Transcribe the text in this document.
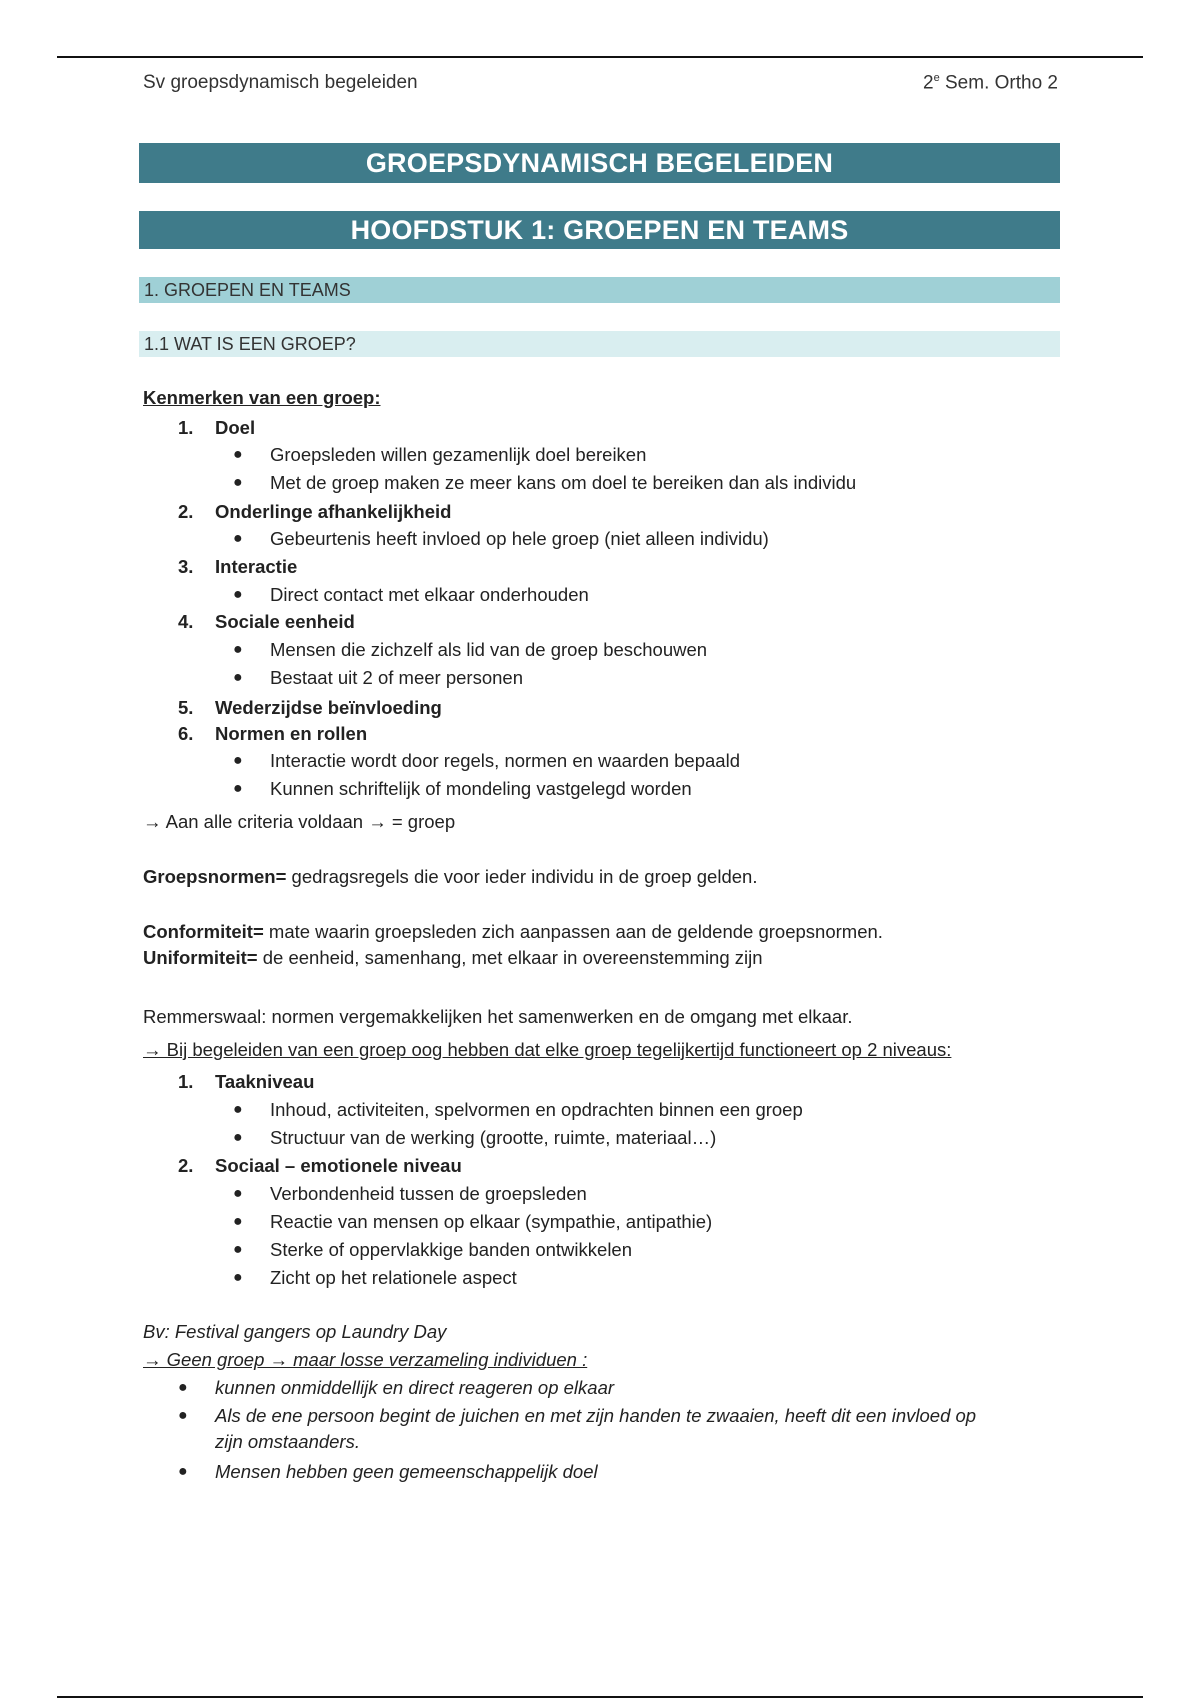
Sv groepsdynamisch begeleiden	2e Sem. Ortho 2
GROEPSDYNAMISCH BEGELEIDEN
HOOFDSTUK 1: GROEPEN EN TEAMS
1. GROEPEN EN TEAMS
1.1 WAT IS EEN GROEP?
Kenmerken van een groep:
1. Doel
● Groepsleden willen gezamenlijk doel bereiken
● Met de groep maken ze meer kans om doel te bereiken dan als individu
2. Onderlinge afhankelijkheid
● Gebeurtenis heeft invloed op hele groep (niet alleen individu)
3. Interactie
● Direct contact met elkaar onderhouden
4. Sociale eenheid
● Mensen die zichzelf als lid van de groep beschouwen
● Bestaat uit 2 of meer personen
5. Wederzijdse beïnvloeding
6. Normen en rollen
● Interactie wordt door regels, normen en waarden bepaald
● Kunnen schriftelijk of mondeling vastgelegd worden
→ Aan alle criteria voldaan → = groep
Groepsnormen= gedragsregels die voor ieder individu in de groep gelden.
Conformiteit= mate waarin groepsleden zich aanpassen aan de geldende groepsnormen.
Uniformiteit= de eenheid, samenhang, met elkaar in overeenstemming zijn
Remmerswaal: normen vergemakkelijken het samenwerken en de omgang met elkaar.
→ Bij begeleiden van een groep oog hebben dat elke groep tegelijkertijd functioneert op 2 niveaus:
1. Taakniveau
● Inhoud, activiteiten, spelvormen en opdrachten binnen een groep
● Structuur van de werking (grootte, ruimte, materiaal…)
2. Sociaal – emotionele niveau
● Verbondenheid tussen de groepsleden
● Reactie van mensen op elkaar (sympathie, antipathie)
● Sterke of oppervlakkige banden ontwikkelen
● Zicht op het relationele aspect
Bv: Festival gangers op Laundry Day
→ Geen groep → maar losse verzameling individuen :
● kunnen onmiddellijk en direct reageren op elkaar
● Als de ene persoon begint de juichen en met zijn handen te zwaaien, heeft dit een invloed op
zijn omstaanders.
● Mensen hebben geen gemeenschappelijk doel
